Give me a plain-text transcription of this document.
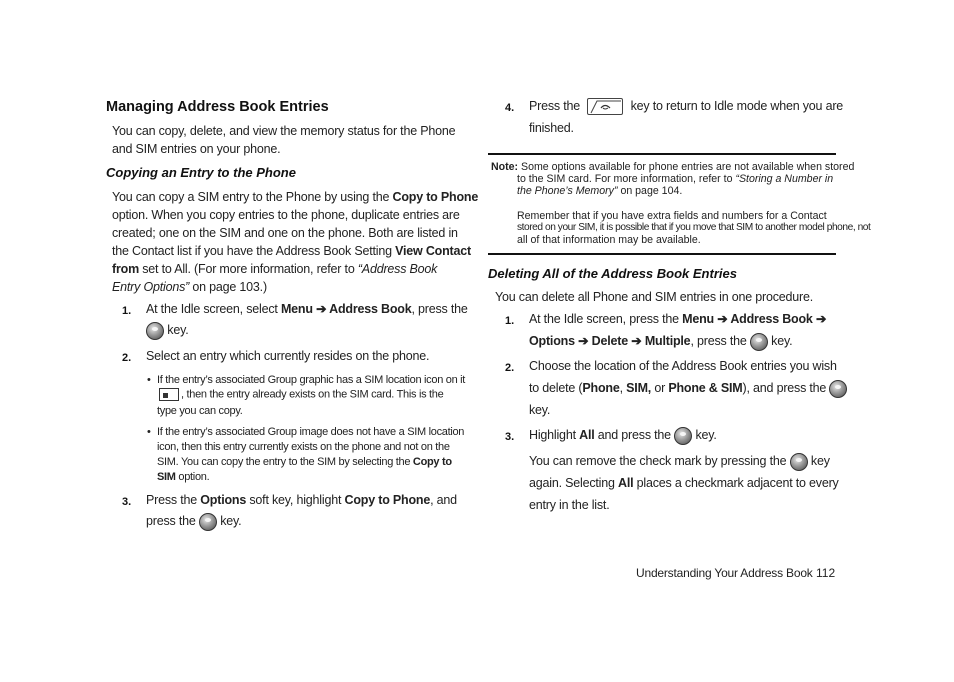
Managing Address Book Entries
You can copy, delete, and view the memory status for the Phone
and SIM entries on your phone.
Copying an Entry to the Phone
You can copy a SIM entry to the Phone by using the Copy to Phone
option. When you copy entries to the phone, duplicate entries are
created; one on the SIM and one on the phone. Both are listed in
the Contact list if you have the Address Book Setting View Contact
from set to All. (For more information, refer to “Address Book
Entry Options” on page 103.)
1. At the Idle screen, select Menu ➔ Address Book, press the
key.
2. Select an entry which currently resides on the phone.
• If the entry’s associated Group graphic has a SIM location icon on it
, then the entry already exists on the SIM card. This is the
type you can copy.
• If the entry’s associated Group image does not have a SIM location
icon, then this entry currently exists on the phone and not on the
SIM. You can copy the entry to the SIM by selecting the Copy to
SIM option.
3. Press the Options soft key, highlight Copy to Phone, and
press the key.
4. Press the	key to return to Idle mode when you are
finished.
Note: Some options available for phone entries are not available when stored
to the SIM card. For more information, refer to “Storing a Number in
the Phone’s Memory” on page 104.
Remember that if you have extra fields and numbers for a Contact
stored on your SIM, it is possible that if you move that SIM to another model phone, not
all of that information may be available.
Deleting All of the Address Book Entries
You can delete all Phone and SIM entries in one procedure.
1. At the Idle screen, press the Menu ➔ Address Book ➔
Options ➔ Delete ➔ Multiple, press the key.
2. Choose the location of the Address Book entries you wish
to delete (Phone, SIM, or Phone & SIM), and press the
key.
3. Highlight All and press the key.
You can remove the check mark by pressing the key
again. Selecting All places a checkmark adjacent to every
entry in the list.
Understanding Your Address Book 112
